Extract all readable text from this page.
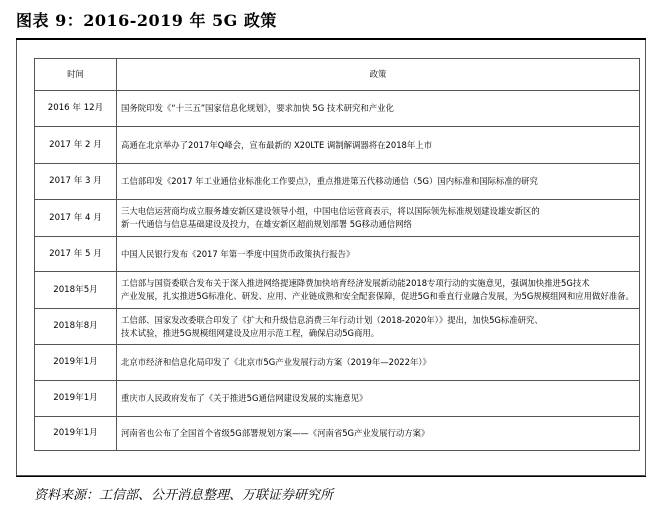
图表 9：2016-2019 年 5G 政策
时间	政策
2016 年 12月	国务院印发《“十三五”国家信息化规划》，要求加快 5G 技术研究和产业化

2017 年 2 月	高通在北京举办了2017年Q峰会，宣布最新的 X20LTE 调制解调器将在2018年上市

2017 年 3 月	工信部印发《2017 年工业通信业标准化工作要点》，重点推进第五代移动通信（5G）国内标准和国际标准的研究

2017 年 4 月	三大电信运营商均成立服务雄安新区建设领导小组，中国电信运营商表示，将以国际领先标准规划建设雄安新区的
新一代通信与信息基础建设及投力，在雄安新区超前规划部署 5G移动通信网络

2017 年 5 月	中国人民银行发布《2017 年第一季度中国货币政策执行报告》

2018年5月	工信部与国资委联合发布关于深入推进网络提速降费加快培育经济发展新动能2018专项行动的实施意见，强调加快推进5G技术
产业发展，扎实推进5G标准化、研发、应用、产业链成熟和安全配套保障，促进5G和垂直行业融合发展，为5G规模组网和应用做好准备。

2018年8月	工信部、国家发改委联合印发了《扩大和升级信息消费三年行动计划（2018-2020年）》提出，加快5G标准研究、
技术试验，推进5G规模组网建设及应用示范工程，确保启动5G商用。

2019年1月	北京市经济和信息化局印发了《北京市5G产业发展行动方案（2019年—2022年）》

2019年1月	重庆市人民政府发布了《关于推进5G通信网建设发展的实施意见》

2019年1月	河南省也公布了全国首个省级5G部署规划方案——《河南省5G产业发展行动方案》
资料来源：工信部、公开消息整理、万联证券研究所
